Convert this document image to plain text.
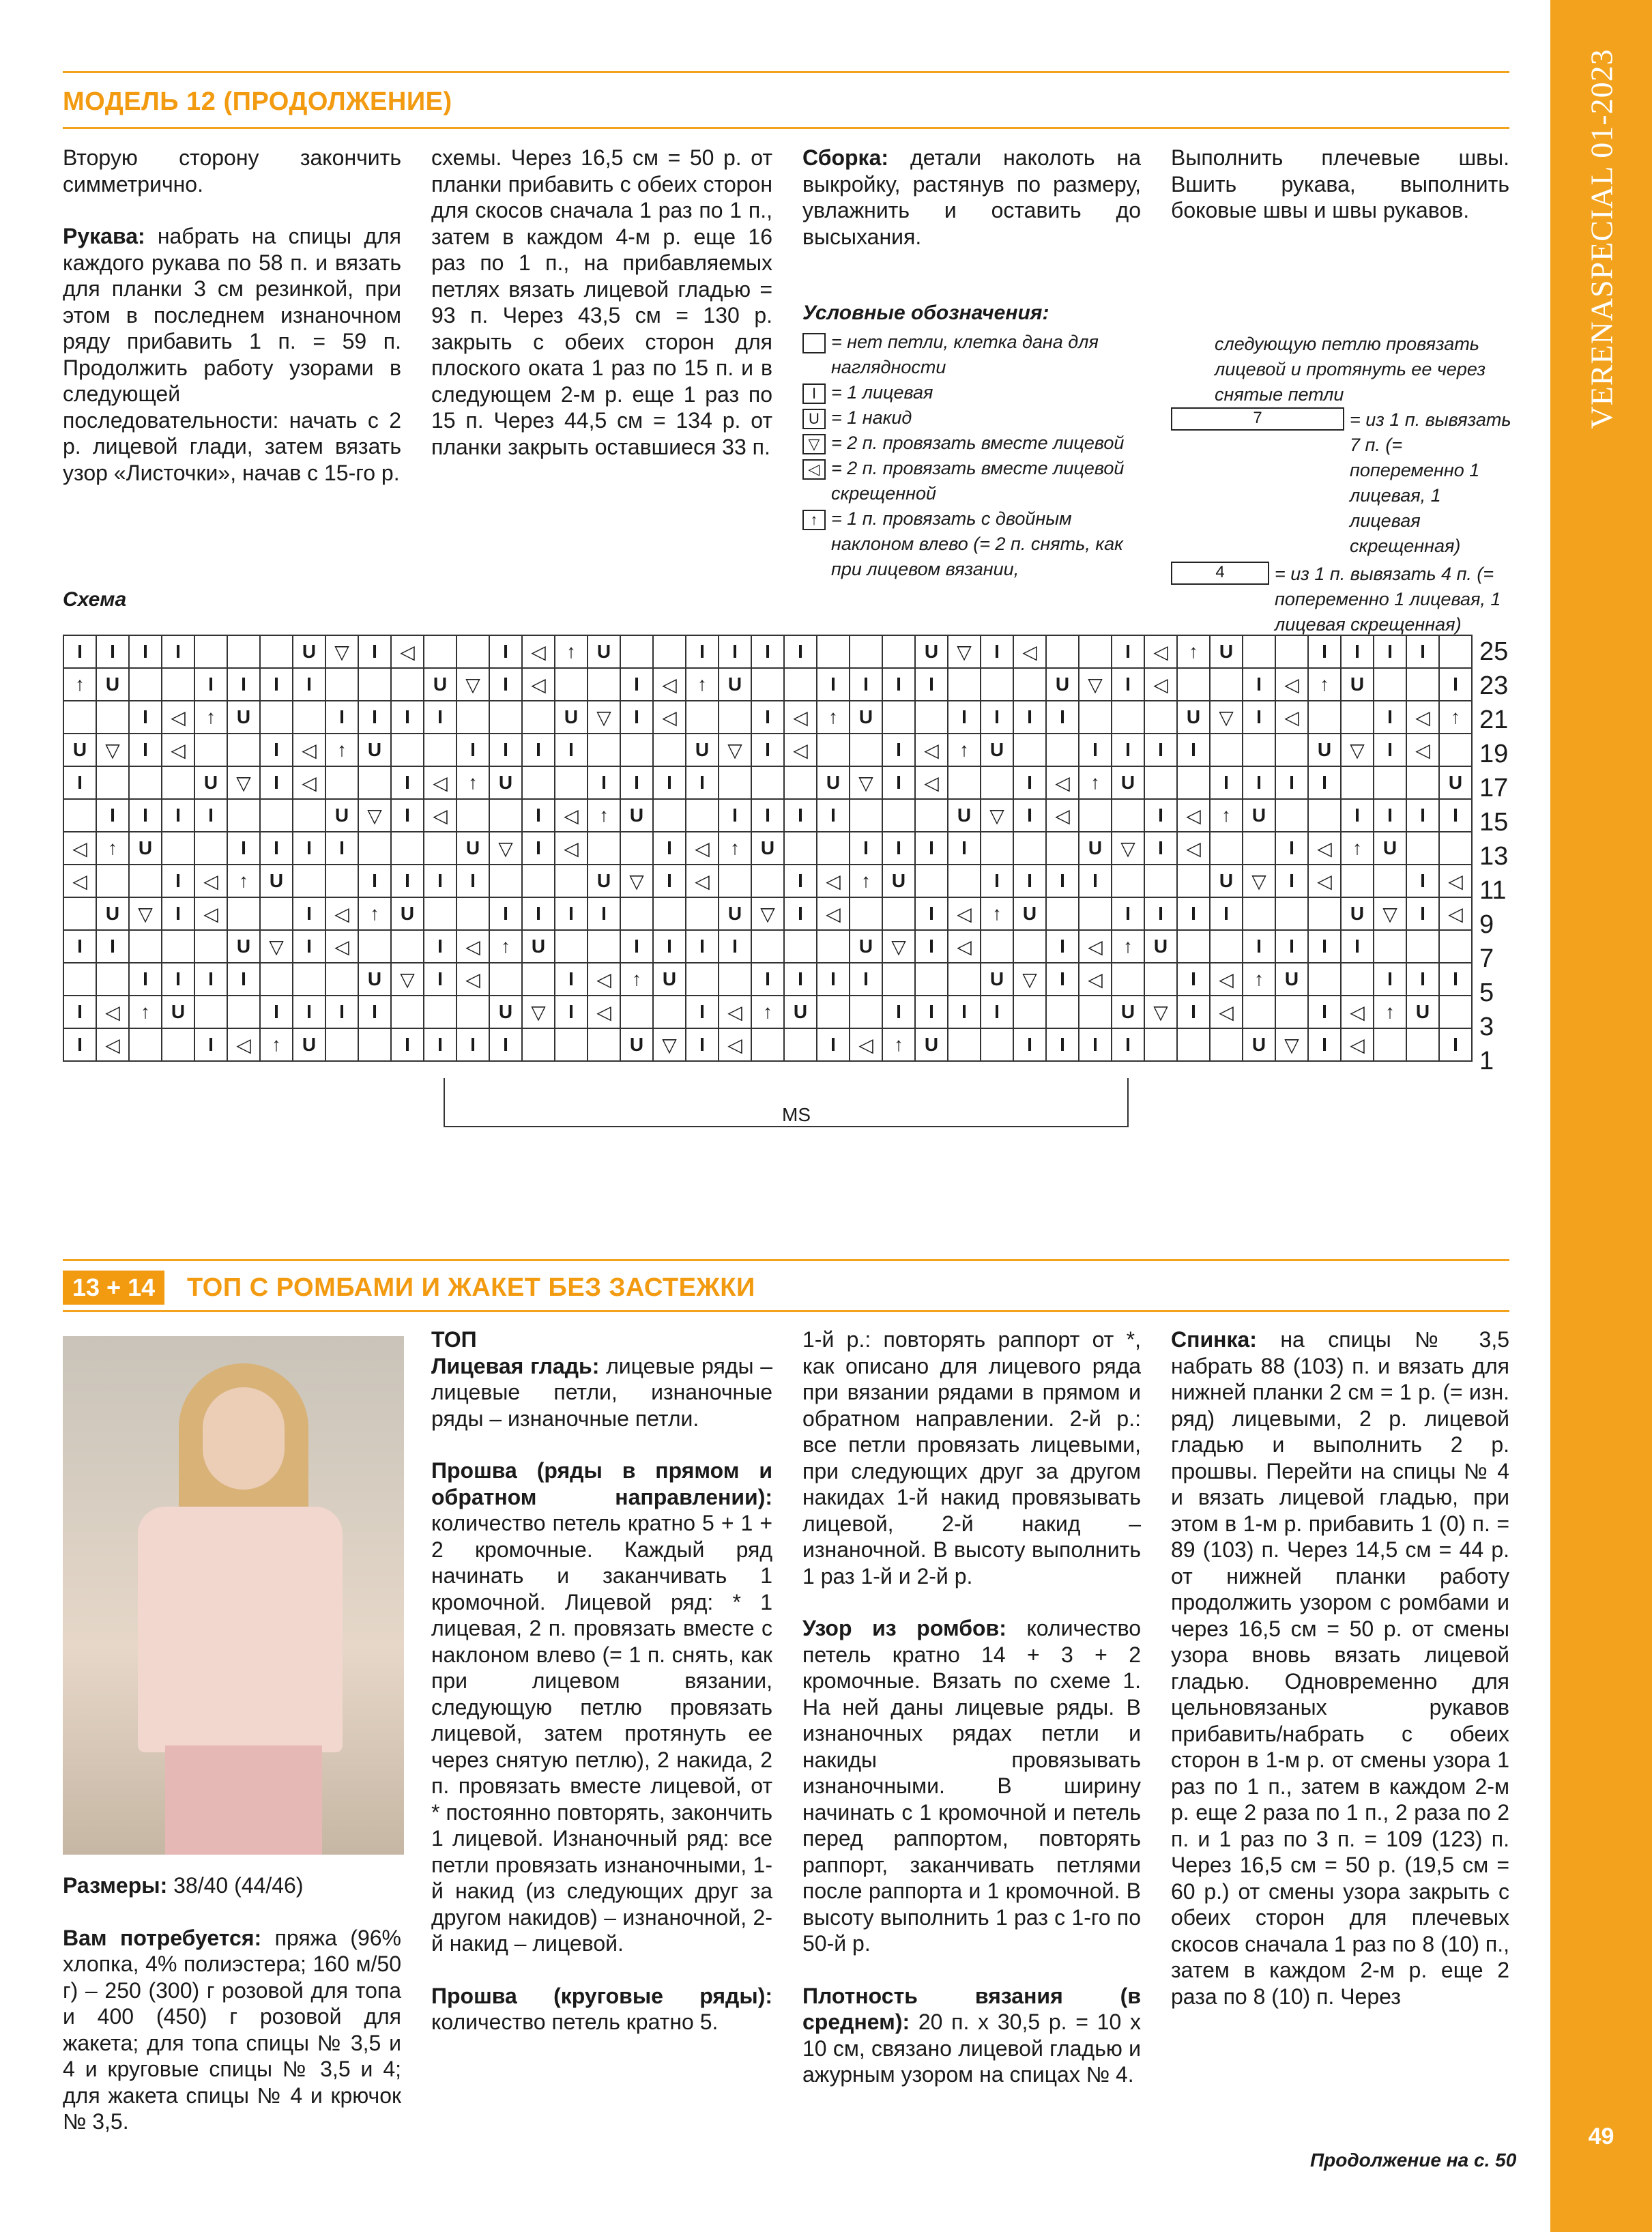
VERENASPECIAL 01-2023
49
МОДЕЛЬ 12 (ПРОДОЛЖЕНИЕ)

Вторую сторону закончить симметрично.

Рукава: набрать на спицы для каждого рукава по 58 п. и вязать для планки 3 см резинкой, при этом в последнем изнаночном ряду прибавить 1 п. = 59 п. Продолжить работу узорами в следующей последовательности: начать с 2 р. лицевой глади, затем вязать узор «Листочки», начав с 15-го р.

схемы. Через 16,5 см = 50 р. от планки прибавить с обеих сторон для скосов сначала 1 раз по 1 п., затем в каждом 4-м р. еще 16 раз по 1 п., на прибавляемых петлях вязать лицевой гладью = 93 п. Через 43,5 см = 130 р. закрыть с обеих сторон для плоского оката 1 раз по 15 п. и в следующем 2-м р. еще 1 раз по 15 п. Через 44,5 см = 134 р. от планки закрыть оставшиеся 33 п.

Сборка: детали наколоть на выкройку, растянув по размеру, увлажнить и оставить до высыхания.

Выполнить плечевые швы. Вшить рукава, выполнить боковые швы и швы рукавов.

Условные обозначения:
= нет петли, клетка дана для наглядности
I = 1 лицевая
U = 1 накид
▽ = 2 п. провязать вместе лицевой
◁ = 2 п. провязать вместе лицевой скрещенной
↑ = 1 п. провязать с двойным наклоном влево (= 2 п. снять, как при лицевом вязании,
следующую петлю провязать лицевой и протянуть ее через снятые петли
7	= из 1 п. вывязать 7 п. (= попеременно 1 лицевая, 1 лицевая скрещенная)
4	= из 1 п. вывязать 4 п. (= попеременно 1 лицевая, 1 лицевая скрещенная)
Схема
I	I	I	I				U	▽	I	◁			I	◁	↑	U			I	I	I	I				U	▽	I	◁			I	◁	↑	U			I	I	I	I	
↑	U			I	I	I	I				U	▽	I	◁			I	◁	↑	U			I	I	I	I				U	▽	I	◁			I	◁	↑	U			I
		I	◁	↑	U			I	I	I	I				U	▽	I	◁			I	◁	↑	U			I	I	I	I				U	▽	I	◁			I	◁	↑
U	▽	I	◁			I	◁	↑	U			I	I	I	I				U	▽	I	◁			I	◁	↑	U			I	I	I	I				U	▽	I	◁	
I				U	▽	I	◁			I	◁	↑	U			I	I	I	I				U	▽	I	◁			I	◁	↑	U			I	I	I	I				U
	I	I	I	I				U	▽	I	◁			I	◁	↑	U			I	I	I	I				U	▽	I	◁			I	◁	↑	U			I	I	I	I
◁	↑	U			I	I	I	I				U	▽	I	◁			I	◁	↑	U			I	I	I	I				U	▽	I	◁			I	◁	↑	U		
◁			I	◁	↑	U			I	I	I	I				U	▽	I	◁			I	◁	↑	U			I	I	I	I				U	▽	I	◁			I	◁
	U	▽	I	◁			I	◁	↑	U			I	I	I	I				U	▽	I	◁			I	◁	↑	U			I	I	I	I				U	▽	I	◁
I	I				U	▽	I	◁			I	◁	↑	U			I	I	I	I				U	▽	I	◁			I	◁	↑	U			I	I	I	I			
		I	I	I	I				U	▽	I	◁			I	◁	↑	U			I	I	I	I				U	▽	I	◁			I	◁	↑	U			I	I	I
I	◁	↑	U			I	I	I	I				U	▽	I	◁			I	◁	↑	U			I	I	I	I				U	▽	I	◁			I	◁	↑	U	
I	◁			I	◁	↑	U			I	I	I	I				U	▽	I	◁			I	◁	↑	U			I	I	I	I				U	▽	I	◁			I
25
23
21
19
17
15
13
11
9
7
5
3
1
MS
13 + 14	ТОП С РОМБАМИ И ЖАКЕТ БЕЗ ЗАСТЕЖКИ

Размеры: 38/40 (44/46)

Вам потребуется: пряжа (96% хлопка, 4% полиэстера; 160 м/50 г) – 250 (300) г розовой для топа и 400 (450) г розовой для жакета; для топа спицы № 3,5 и 4 и круговые спицы № 3,5 и 4; для жакета спицы № 4 и крючок № 3,5.

ТОП

Лицевая гладь: лицевые ряды – лицевые петли, изнаночные ряды – изнаночные петли.

Прошва (ряды в прямом и обратном направлении): количество петель кратно 5 + 1 + 2 кромочные. Каждый ряд начинать и заканчивать 1 кромочной. Лицевой ряд: * 1 лицевая, 2 п. провязать вместе с наклоном влево (= 1 п. снять, как при лицевом вязании, следующую петлю провязать лицевой, затем протянуть ее через снятую петлю), 2 накида, 2 п. провязать вместе лицевой, от * постоянно повторять, закончить 1 лицевой. Изнаночный ряд: все петли провязать изнаночными, 1-й накид (из следующих друг за другом накидов) – изнаночной, 2-й накид – лицевой.

Прошва (круговые ряды): количество петель кратно 5.

1-й р.: повторять раппорт от *, как описано для лицевого ряда при вязании рядами в прямом и обратном направлении. 2-й р.: все петли провязать лицевыми, при следующих друг за другом накидах 1-й накид провязывать лицевой, 2-й накид – изнаночной. В высоту выполнить 1 раз 1-й и 2-й р.

Узор из ромбов: количество петель кратно 14 + 3 + 2 кромочные. Вязать по схеме 1. На ней даны лицевые ряды. В изнаночных рядах петли и накиды провязывать изнаночными. В ширину начинать с 1 кромочной и петель перед раппортом, повторять раппорт, заканчивать петлями после раппорта и 1 кромочной. В высоту выполнить 1 раз с 1-го по 50-й р.

Плотность вязания (в среднем): 20 п. х 30,5 р. = 10 х 10 см, связано лицевой гладью и ажурным узором на спицах № 4.

Спинка: на спицы № 3,5 набрать 88 (103) п. и вязать для нижней планки 2 см = 1 р. (= изн. ряд) лицевыми, 2 р. лицевой гладью и выполнить 2 р. прошвы. Перейти на спицы № 4 и вязать лицевой гладью, при этом в 1-м р. прибавить 1 (0) п. = 89 (103) п. Через 14,5 см = 44 р. от нижней планки работу продолжить узором с ромбами и через 16,5 см = 50 р. от смены узора вновь вязать лицевой гладью. Одновременно для цельновязаных рукавов прибавить/набрать с обеих сторон в 1-м р. от смены узора 1 раз по 1 п., затем в каждом 2-м р. еще 2 раза по 1 п., 2 раза по 2 п. и 1 раз по 3 п. = 109 (123) п. Через 16,5 см = 50 р. (19,5 см = 60 р.) от смены узора закрыть с обеих сторон для плечевых скосов сначала 1 раз по 8 (10) п., затем в каждом 2-м р. еще 2 раза по 8 (10) п. Через

Продолжение на с. 50
